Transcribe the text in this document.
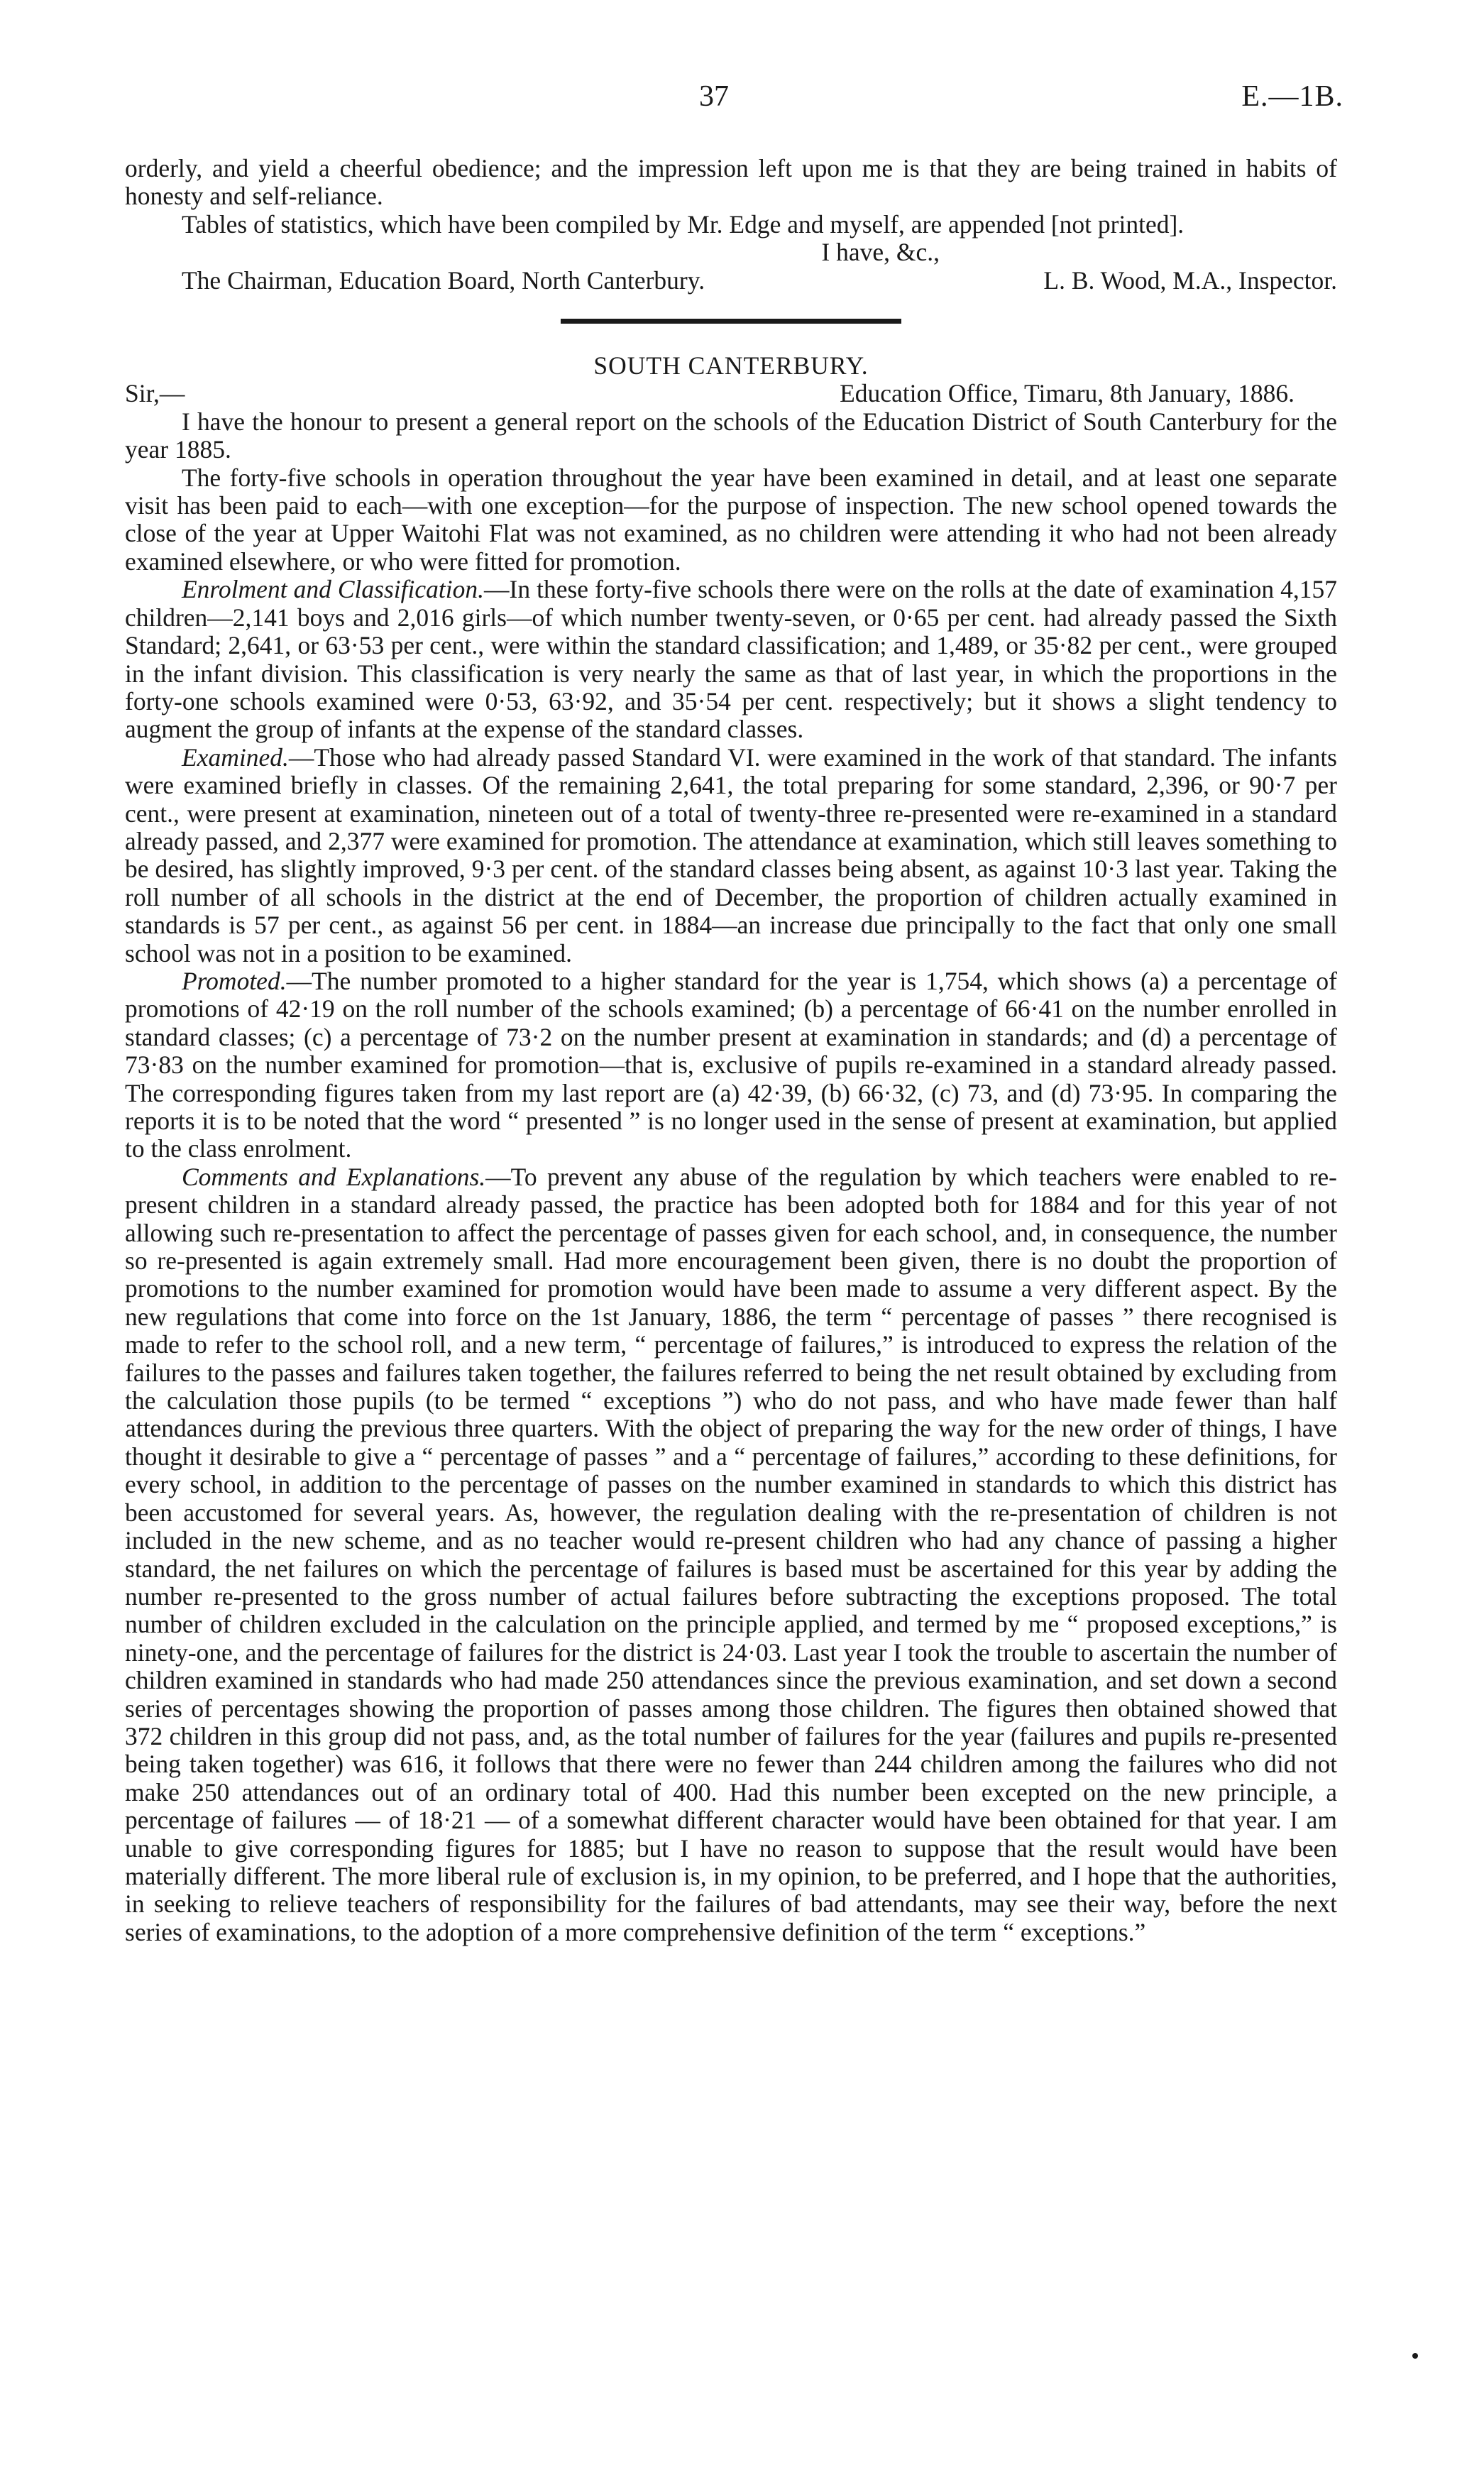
37	E.—1B.

orderly, and yield a cheerful obedience; and the impression left upon me is that they are being trained in habits of honesty and self-reliance.

Tables of statistics, which have been compiled by Mr. Edge and myself, are appended [not printed].

I have, &c.,
The Chairman, Education Board, North Canterbury.	L. B. Wood, M.A., Inspector.

SOUTH CANTERBURY.

Sir,—	Education Office, Timaru, 8th January, 1886.

I have the honour to present a general report on the schools of the Education District of South Canterbury for the year 1885.

The forty-five schools in operation throughout the year have been examined in detail, and at least one separate visit has been paid to each—with one exception—for the purpose of inspection. The new school opened towards the close of the year at Upper Waitohi Flat was not examined, as no children were attending it who had not been already examined elsewhere, or who were fitted for promotion.

Enrolment and Classification.—In these forty-five schools there were on the rolls at the date of examination 4,157 children—2,141 boys and 2,016 girls—of which number twenty-seven, or 0·65 per cent. had already passed the Sixth Standard; 2,641, or 63·53 per cent., were within the standard classification; and 1,489, or 35·82 per cent., were grouped in the infant division. This classification is very nearly the same as that of last year, in which the proportions in the forty-one schools examined were 0·53, 63·92, and 35·54 per cent. respectively; but it shows a slight tendency to augment the group of infants at the expense of the standard classes.

Examined.—Those who had already passed Standard VI. were examined in the work of that standard. The infants were examined briefly in classes. Of the remaining 2,641, the total preparing for some standard, 2,396, or 90·7 per cent., were present at examination, nineteen out of a total of twenty-three re-presented were re-examined in a standard already passed, and 2,377 were examined for promotion. The attendance at examination, which still leaves something to be desired, has slightly improved, 9·3 per cent. of the standard classes being absent, as against 10·3 last year. Taking the roll number of all schools in the district at the end of December, the proportion of children actually examined in standards is 57 per cent., as against 56 per cent. in 1884—an increase due principally to the fact that only one small school was not in a position to be examined.

Promoted.—The number promoted to a higher standard for the year is 1,754, which shows (a) a percentage of promotions of 42·19 on the roll number of the schools examined; (b) a percentage of 66·41 on the number enrolled in standard classes; (c) a percentage of 73·2 on the number present at examination in standards; and (d) a percentage of 73·83 on the number examined for promotion—that is, exclusive of pupils re-examined in a standard already passed. The corresponding figures taken from my last report are (a) 42·39, (b) 66·32, (c) 73, and (d) 73·95. In comparing the reports it is to be noted that the word “ presented ” is no longer used in the sense of present at examination, but applied to the class enrolment.

Comments and Explanations.—To prevent any abuse of the regulation by which teachers were enabled to re-present children in a standard already passed, the practice has been adopted both for 1884 and for this year of not allowing such re-presentation to affect the percentage of passes given for each school, and, in consequence, the number so re-presented is again extremely small. Had more encouragement been given, there is no doubt the proportion of promotions to the number examined for promotion would have been made to assume a very different aspect. By the new regulations that come into force on the 1st January, 1886, the term “ percentage of passes ” there recognised is made to refer to the school roll, and a new term, “ percentage of failures,” is introduced to express the relation of the failures to the passes and failures taken together, the failures referred to being the net result obtained by excluding from the calculation those pupils (to be termed “ exceptions ”) who do not pass, and who have made fewer than half attendances during the previous three quarters. With the object of preparing the way for the new order of things, I have thought it desirable to give a “ percentage of passes ” and a “ percentage of failures,” according to these definitions, for every school, in addition to the percentage of passes on the number examined in standards to which this district has been accustomed for several years. As, however, the regulation dealing with the re-presentation of children is not included in the new scheme, and as no teacher would re-present children who had any chance of passing a higher standard, the net failures on which the percentage of failures is based must be ascertained for this year by adding the number re-presented to the gross number of actual failures before subtracting the exceptions proposed. The total number of children excluded in the calculation on the principle applied, and termed by me “ proposed exceptions,” is ninety-one, and the percentage of failures for the district is 24·03. Last year I took the trouble to ascertain the number of children examined in standards who had made 250 attendances since the previous examination, and set down a second series of percentages showing the proportion of passes among those children. The figures then obtained showed that 372 children in this group did not pass, and, as the total number of failures for the year (failures and pupils re-presented being taken together) was 616, it follows that there were no fewer than 244 children among the failures who did not make 250 attendances out of an ordinary total of 400. Had this number been excepted on the new principle, a percentage of failures — of 18·21 — of a somewhat different character would have been obtained for that year. I am unable to give corresponding figures for 1885; but I have no reason to suppose that the result would have been materially different. The more liberal rule of exclusion is, in my opinion, to be preferred, and I hope that the authorities, in seeking to relieve teachers of responsibility for the failures of bad attendants, may see their way, before the next series of examinations, to the adoption of a more comprehensive definition of the term “ exceptions.”
